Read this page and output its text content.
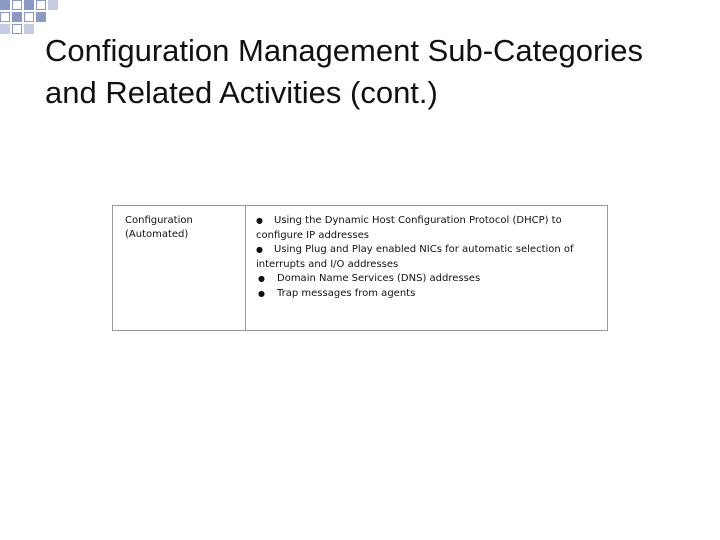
Configuration Management Sub-Categories and Related Activities (cont.)
Configuration (Automated)
● Using the Dynamic Host Configuration Protocol (DHCP) to configure IP addresses
● Using Plug and Play enabled NICs for automatic selection of interrupts and I/O addresses
● Domain Name Services (DNS) addresses
● Trap messages from agents
